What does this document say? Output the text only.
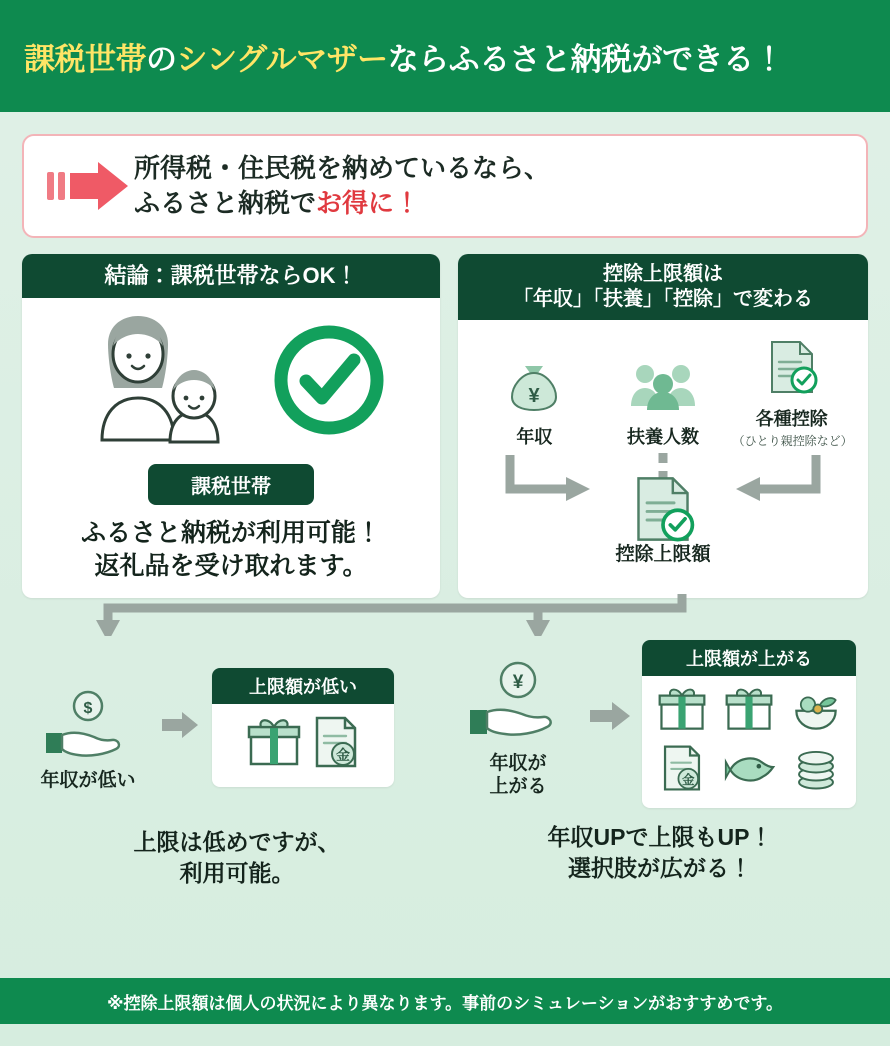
課税世帯のシングルマザーならふるさと納税ができる！
所得税・住民税を納めているなら、
ふるさと納税でお得に！
結論：課税世帯ならOK！
課税世帯
ふるさと納税が利用可能！
返礼品を受け取れます。
控除上限額は
「年収」「扶養」「控除」で変わる
¥
年収	扶養人数
各種控除
（ひとり親控除など）
控除上限額
$
年収が低い
上限額が低い
金
上限は低めですが、
利用可能。
¥
年収が
上がる
上限額が上がる
金
年収UPで上限もUP！
選択肢が広がる！
※控除上限額は個人の状況により異なります。事前のシミュレーションがおすすめです。
